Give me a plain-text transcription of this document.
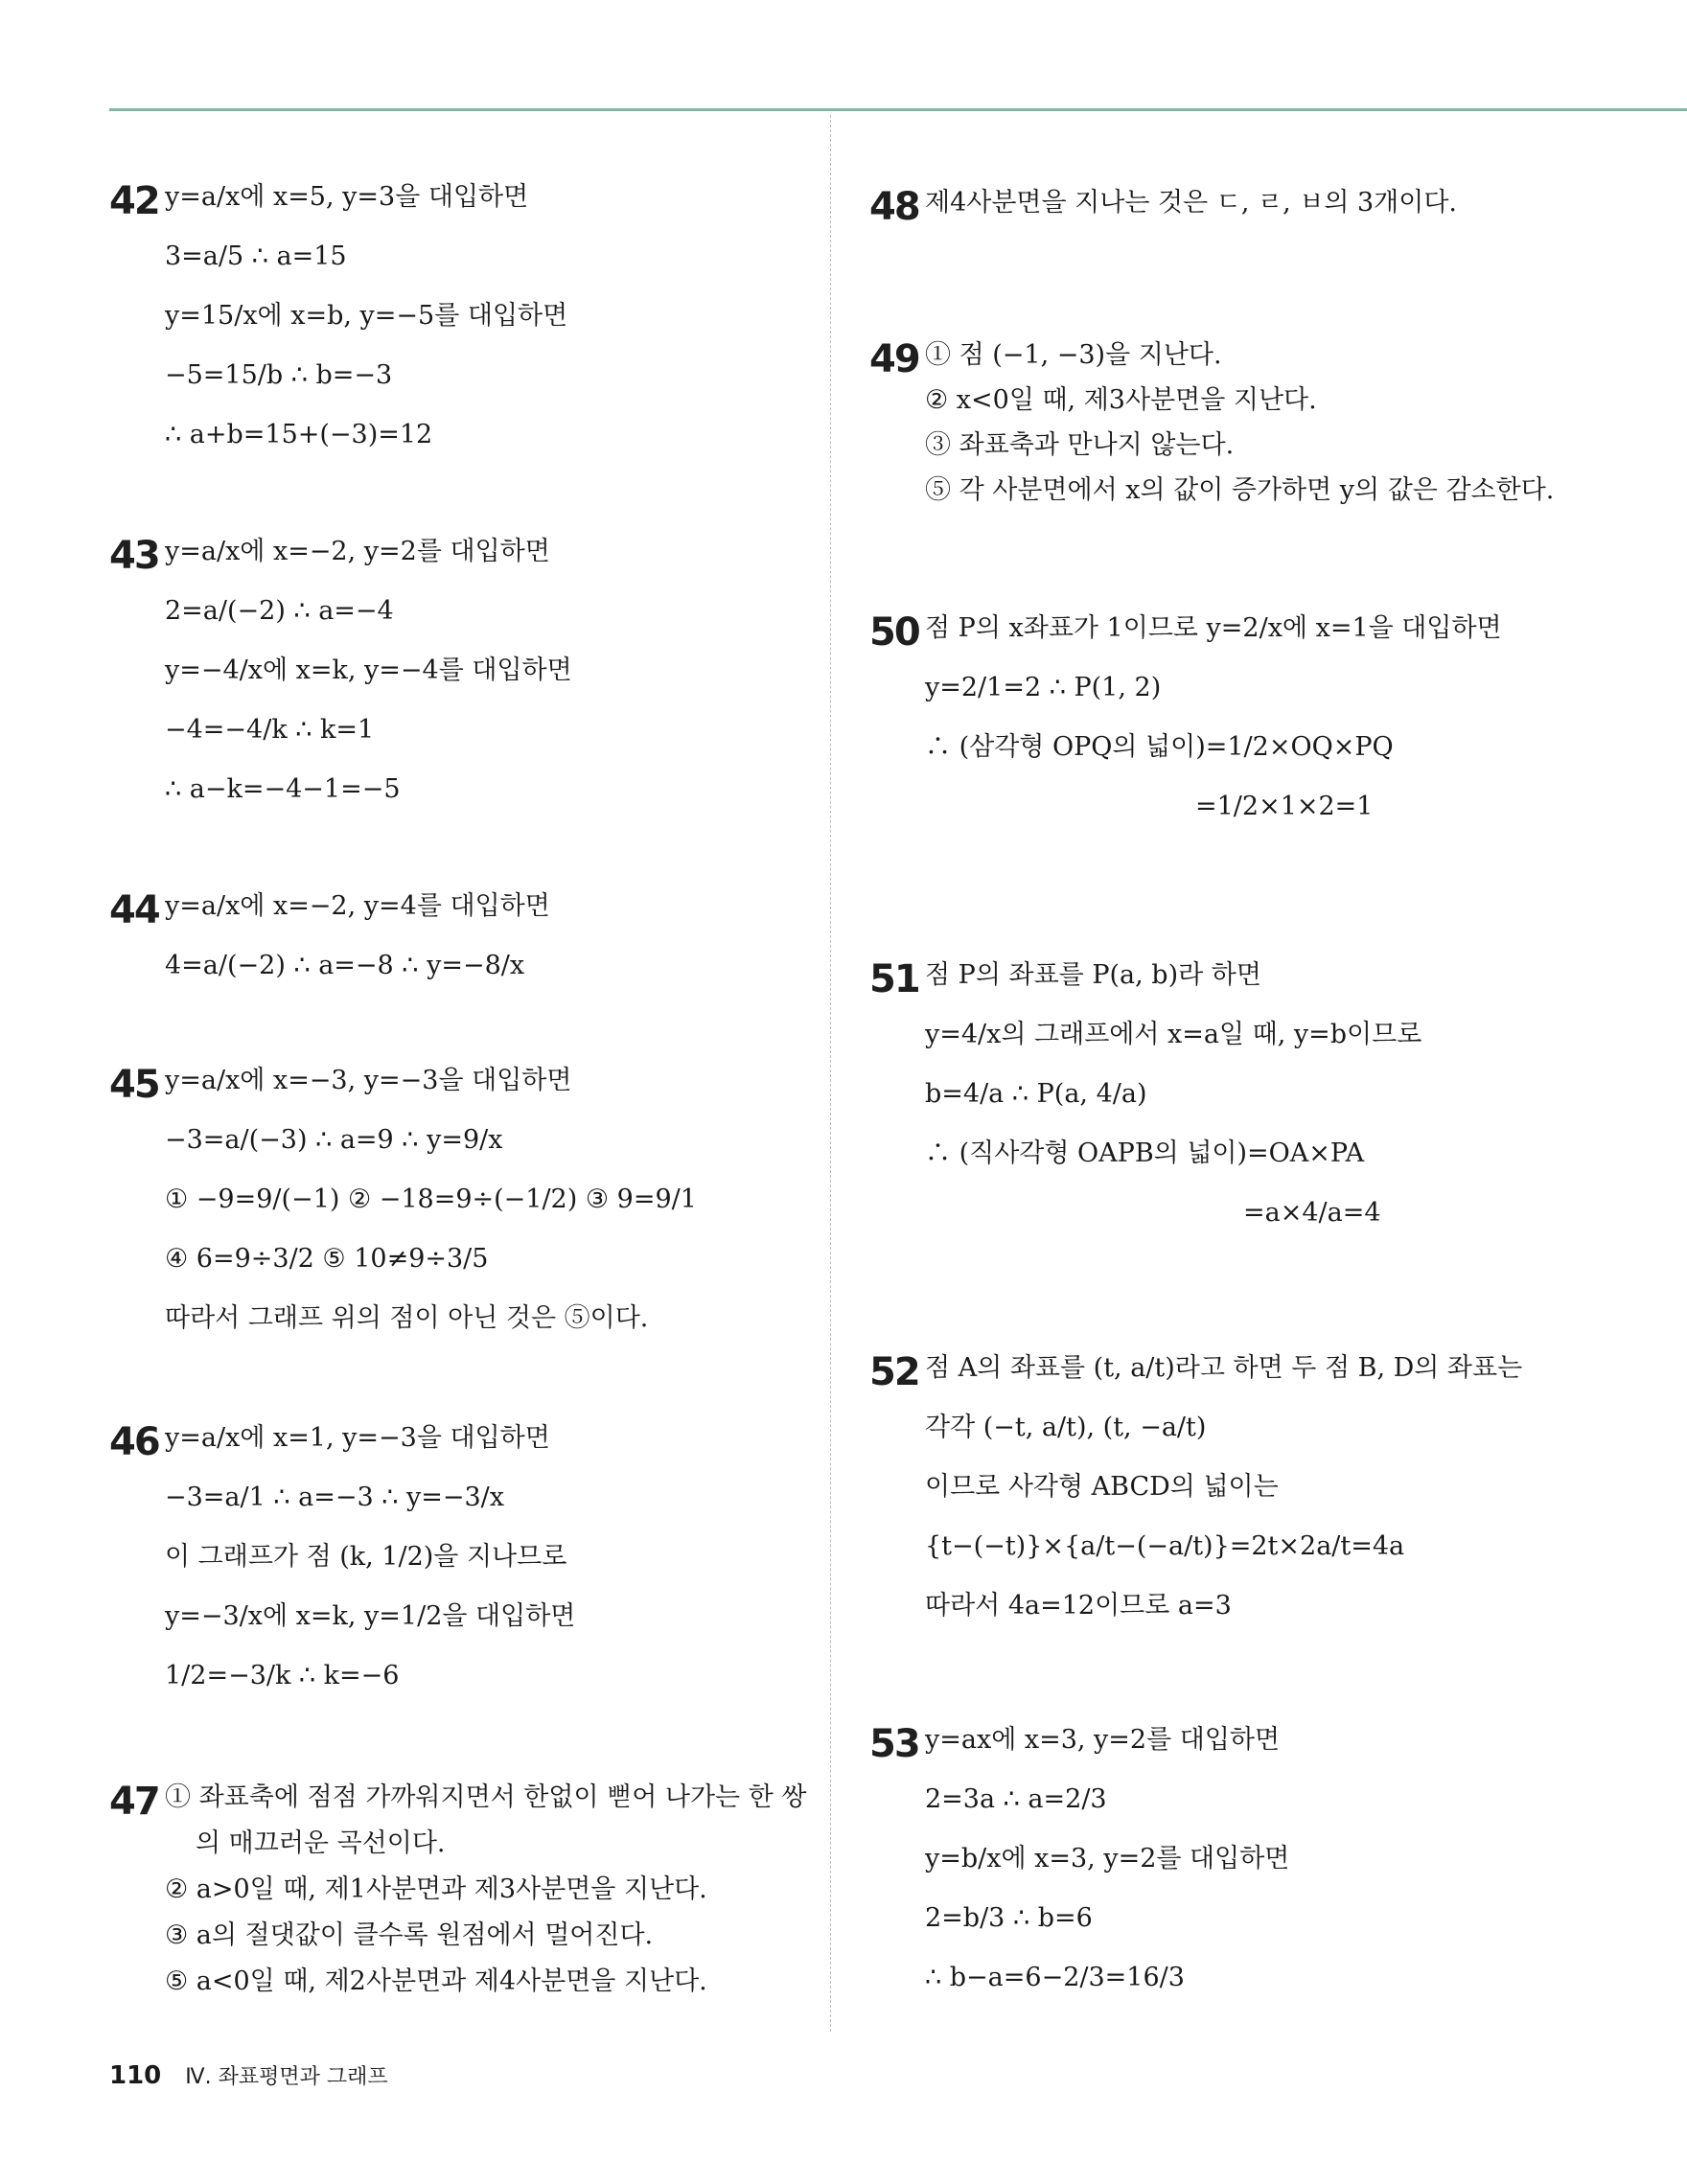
42 y=a/x에 x=5, y=3을 대입하면
3=a/5 ∴ a=15
y=15/x에 x=b, y=−5를 대입하면
−5=15/b ∴ b=−3
∴ a+b=15+(−3)=12
43 y=a/x에 x=−2, y=2를 대입하면
2=a/(−2) ∴ a=−4
y=−4/x에 x=k, y=−4를 대입하면
−4=−4/k ∴ k=1
∴ a−k=−4−1=−5
44 y=a/x에 x=−2, y=4를 대입하면
4=a/(−2) ∴ a=−8 ∴ y=−8/x
45 y=a/x에 x=−3, y=−3을 대입하면
−3=a/(−3) ∴ a=9 ∴ y=9/x
① −9=9/(−1) ② −18=9÷(−1/2) ③ 9=9/1
④ 6=9÷3/2 ⑤ 10≠9÷3/5
따라서 그래프 위의 점이 아닌 것은 ⑤이다.
46 y=a/x에 x=1, y=−3을 대입하면
−3=a/1 ∴ a=−3 ∴ y=−3/x
이 그래프가 점 (k, 1/2)을 지나므로
y=−3/x에 x=k, y=1/2을 대입하면
1/2=−3/k ∴ k=−6
47 ① 좌표축에 점점 가까워지면서 한없이 뻗어 나가는 한 쌍
의 매끄러운 곡선이다.
② a>0일 때, 제1사분면과 제3사분면을 지난다.
③ a의 절댓값이 클수록 원점에서 멀어진다.
⑤ a<0일 때, 제2사분면과 제4사분면을 지난다.
48 제4사분면을 지나는 것은 ㄷ, ㄹ, ㅂ의 3개이다.
49 ① 점 (−1, −3)을 지난다.
② x<0일 때, 제3사분면을 지난다.
③ 좌표축과 만나지 않는다.
⑤ 각 사분면에서 x의 값이 증가하면 y의 값은 감소한다.
50 점 P의 x좌표가 1이므로 y=2/x에 x=1을 대입하면
y=2/1=2 ∴ P(1, 2)
∴ (삼각형 OPQ의 넓이)=1/2×OQ×PQ
=1/2×1×2=1
51 점 P의 좌표를 P(a, b)라 하면
y=4/x의 그래프에서 x=a일 때, y=b이므로
b=4/a ∴ P(a, 4/a)
∴ (직사각형 OAPB의 넓이)=OA×PA
=a×4/a=4
52 점 A의 좌표를 (t, a/t)라고 하면 두 점 B, D의 좌표는
각각 (−t, a/t), (t, −a/t)
이므로 사각형 ABCD의 넓이는
{t−(−t)}×{a/t−(−a/t)}=2t×2a/t=4a
따라서 4a=12이므로 a=3
53 y=ax에 x=3, y=2를 대입하면
2=3a ∴ a=2/3
y=b/x에 x=3, y=2를 대입하면
2=b/3 ∴ b=6
∴ b−a=6−2/3=16/3
110 Ⅳ. 좌표평면과 그래프
